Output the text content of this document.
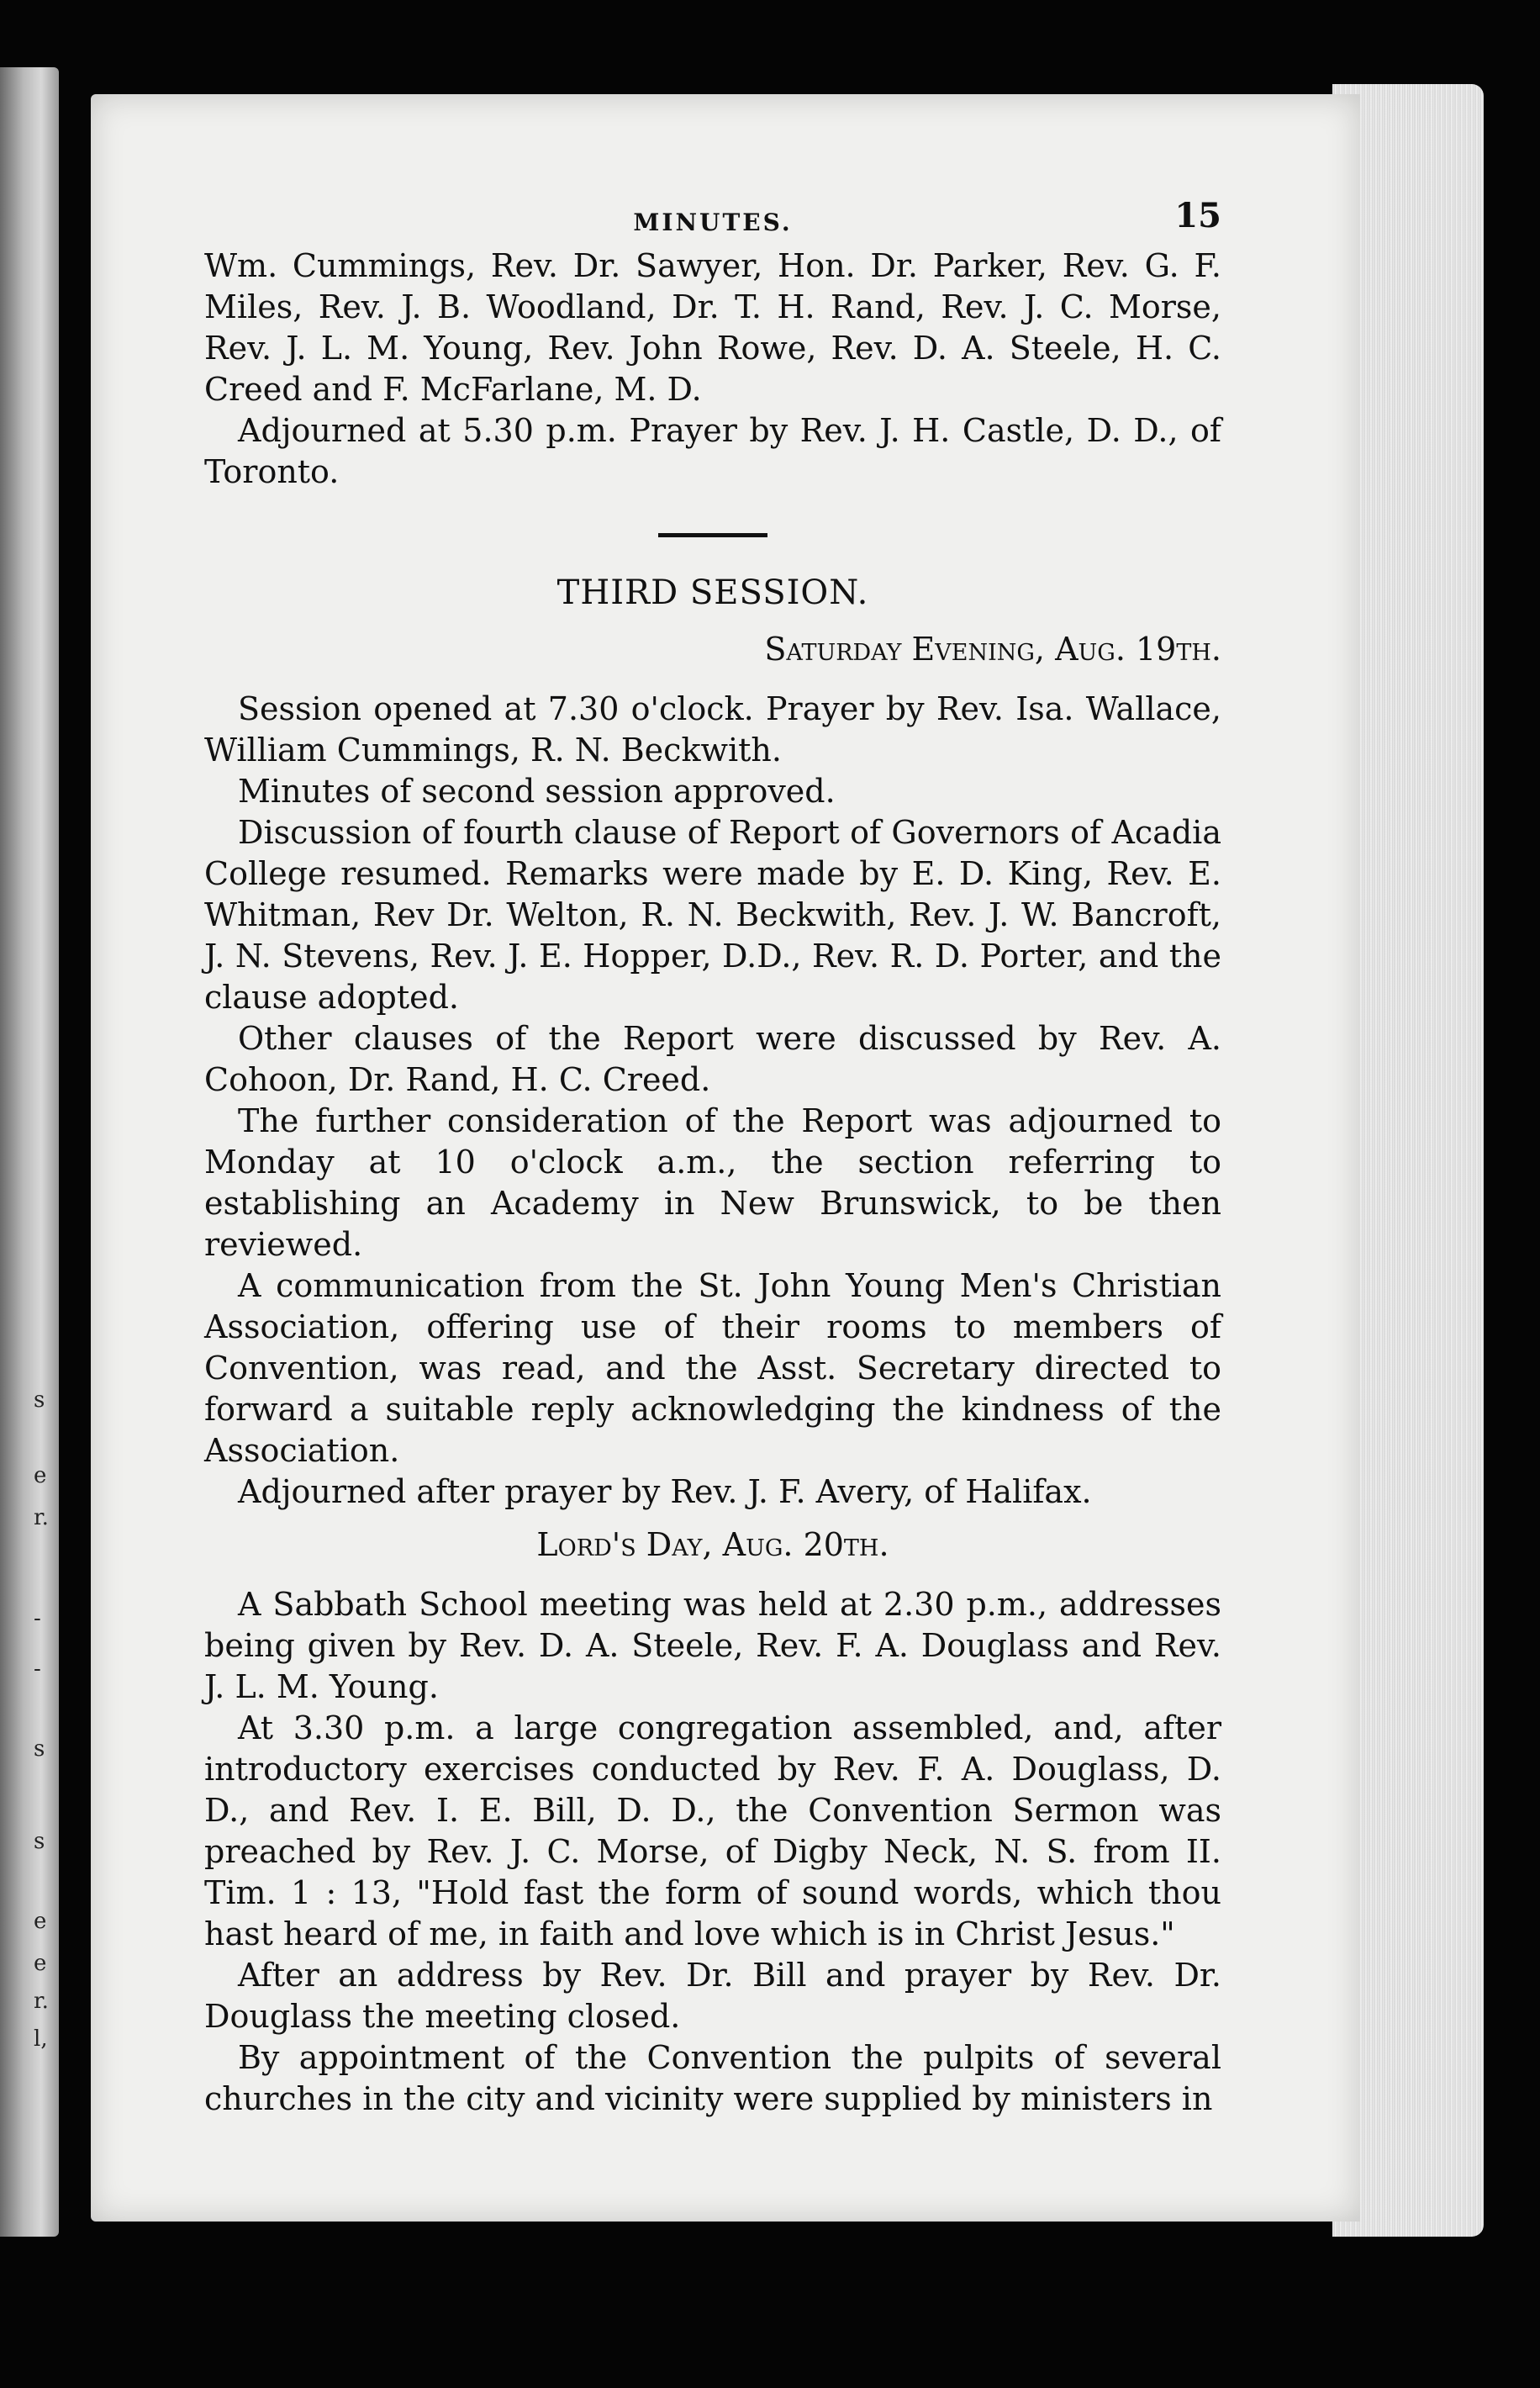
s
e
r.
-
-
s
s
e
e
r.
l,
MINUTES.	15

Wm. Cummings, Rev. Dr. Sawyer, Hon. Dr. Parker, Rev. G. F. Miles, Rev. J. B. Woodland, Dr. T. H. Rand, Rev. J. C. Morse, Rev. J. L. M. Young, Rev. John Rowe, Rev. D. A. Steele, H. C. Creed and F. McFarlane, M. D.

Adjourned at 5.30 p.m. Prayer by Rev. J. H. Castle, D. D., of Toronto.

THIRD SESSION.
Saturday Evening, Aug. 19th.

Session opened at 7.30 o'clock. Prayer by Rev. Isa. Wallace, William Cummings, R. N. Beckwith.

Minutes of second session approved.

Discussion of fourth clause of Report of Governors of Acadia College resumed. Remarks were made by E. D. King, Rev. E. Whitman, Rev Dr. Welton, R. N. Beckwith, Rev. J. W. Bancroft, J. N. Stevens, Rev. J. E. Hopper, D.D., Rev. R. D. Porter, and the clause adopted.

Other clauses of the Report were discussed by Rev. A. Cohoon, Dr. Rand, H. C. Creed.

The further consideration of the Report was adjourned to Monday at 10 o'clock a.m., the section referring to establishing an Academy in New Brunswick, to be then reviewed.

A communication from the St. John Young Men's Christian Association, offering use of their rooms to members of Convention, was read, and the Asst. Secretary directed to forward a suitable reply acknowledging the kindness of the Association.

Adjourned after prayer by Rev. J. F. Avery, of Halifax.

Lord's Day, Aug. 20th.

A Sabbath School meeting was held at 2.30 p.m., addresses being given by Rev. D. A. Steele, Rev. F. A. Douglass and Rev. J. L. M. Young.

At 3.30 p.m. a large congregation assembled, and, after introductory exercises conducted by Rev. F. A. Douglass, D. D., and Rev. I. E. Bill, D. D., the Convention Sermon was preached by Rev. J. C. Morse, of Digby Neck, N. S. from II. Tim. 1 : 13, "Hold fast the form of sound words, which thou hast heard of me, in faith and love which is in Christ Jesus."

After an address by Rev. Dr. Bill and prayer by Rev. Dr. Douglass the meeting closed.

By appointment of the Convention the pulpits of several churches in the city and vicinity were supplied by ministers in
